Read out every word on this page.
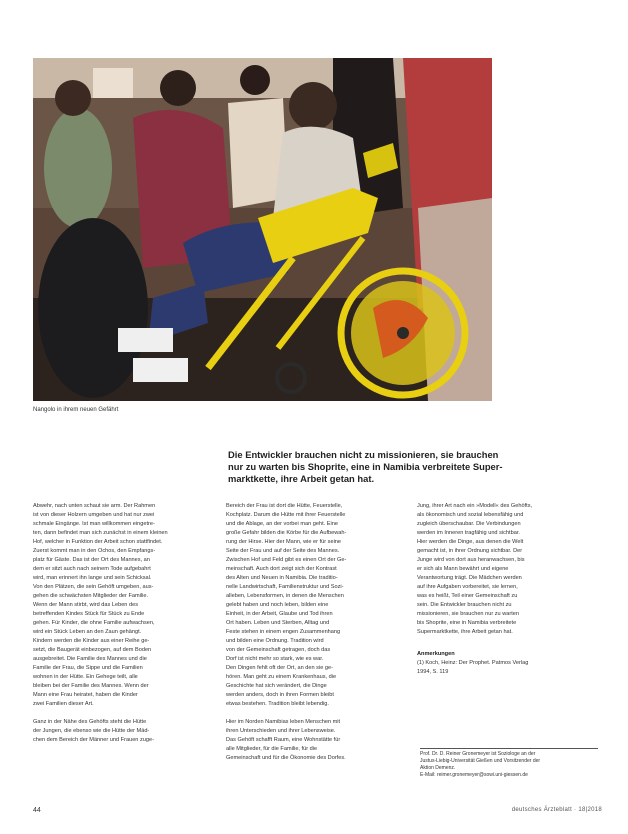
Nangolo in ihrem neuen Gefährt
Die Entwickler brauchen nicht zu missionieren, sie brauchen
nur zu warten bis Shoprite, eine in Namibia verbreitete Super-
marktkette, ihre Arbeit getan hat.
Abwehr, nach unten schaut sie arm. Der Rahmen
ist von dieser Holzern umgeben und hat nur zwei
schmale Eingänge. Ist man willkommen eingetre-
ten, dann befindet man sich zunächst in einem kleinen
Hof, welcher in Funktion der Arbeit schon stattfindet.
Zuerst kommt man in den Ochos, den Empfangs-
platz für Gäste. Das ist der Ort des Mannes, an
dem er sitzt auch nach seinem Tode aufgebahrt
wird, man erinnert ihn lange und sein Schicksal.
Von den Plätzen, die sein Gehöft umgeben, aus-
gehen die schwächsten Mitglieder der Familie.
Wenn der Mann stirbt, wird das Leben des
betreffenden Kindes Stück für Stück zu Ende
gehen. Für Kinder, die ohne Familie aufwachsen,
wird ein Stück Leben an den Zaun gehängt.
Kindern werden die Kinder aus einer Reihe ge-
setzt, die Baugerät einbezogen, auf dem Boden
ausgebreitet. Die Familie des Mannes und die
Familie der Frau, die Sippe und die Familien
wohnen in der Hütte. Ein Gehege teilt, alle
bleiben bei der Familie des Mannes. Wenn der
Mann eine Frau heiratet, haben die Kinder
zwei Familien dieser Art.

Ganz in der Nähe des Gehöfts steht die Hütte
der Jungen, die ebenso wie die Hütte der Mäd-
chen dem Bereich der Männer und Frauen zuge-
Bereich der Frau ist dort die Hütte, Feuerstelle,
Kochplatz. Darum die Hütte mit ihrer Feuerstelle
und die Ablage, an der vorbei man geht. Eine
große Gefahr bilden die Körbe für die Aufbewah-
rung der Hirse. Hier der Mann, wie er für seine
Seite der Frau und auf der Seite des Mannes.
Zwischen Hof und Feld gibt es einen Ort der Ge-
meinschaft. Auch dort zeigt sich der Kontrast
des Alten und Neuen in Namibia. Die traditio-
nelle Landwirtschaft, Familienstruktur und Sozi-
alleben, Lebensformen, in denen die Menschen
gelebt haben und noch leben, bilden eine
Einheit, in der Arbeit, Glaube und Tod ihren
Ort haben. Leben und Sterben, Alltag und
Feste stehen in einem engen Zusammenhang
und bilden eine Ordnung. Tradition wird
von der Gemeinschaft getragen, doch das
Dorf ist nicht mehr so stark, wie es war.
Den Dingen fehlt oft der Ort, an den sie ge-
hören. Man geht zu einem Krankenhaus, die
Geschichte hat sich verändert, die Dinge
werden anders, doch in ihren Formen bleibt
etwas bestehen. Tradition bleibt lebendig.

Hier im Norden Namibias leben Menschen mit
ihren Unterschieden und ihrer Lebensweise.
Das Gehöft schafft Raum, eine Wohnstätte für
alle Mitglieder, für die Familie, für die
Gemeinschaft und für die Ökonomie des Dorfes.
Jung, ihrer Art nach ein »Modell« des Gehöfts,
als ökonomisch und sozial lebensfähig und
zugleich überschaubar. Die Verbindungen
werden im Inneren tragfähig und sichtbar.
Hier werden die Dinge, aus denen die Welt
gemacht ist, in ihrer Ordnung sichtbar. Der
Junge wird von dort aus heranwachsen, bis
er sich als Mann bewährt und eigene
Verantwortung trägt. Die Mädchen werden
auf ihre Aufgaben vorbereitet, sie lernen,
was es heißt, Teil einer Gemeinschaft zu
sein. Die Entwickler brauchen nicht zu
missionieren, sie brauchen nur zu warten
bis Shoprite, eine in Namibia verbreitete
Supermarktkette, ihre Arbeit getan hat.

Anmerkungen
(1) Koch, Heinz: Der Prophet. Patmos Verlag
1994, S. 119
Prof. Dr. D. Reiner Gronemeyer ist Soziologe an der
Justus-Liebig-Universität Gießen und Vorsitzender der
Aktion Demenz.
E-Mail: reimer.gronemeyer@sowi.uni-giessen.de
44	deutsches Ärzteblatt · 18|2018
